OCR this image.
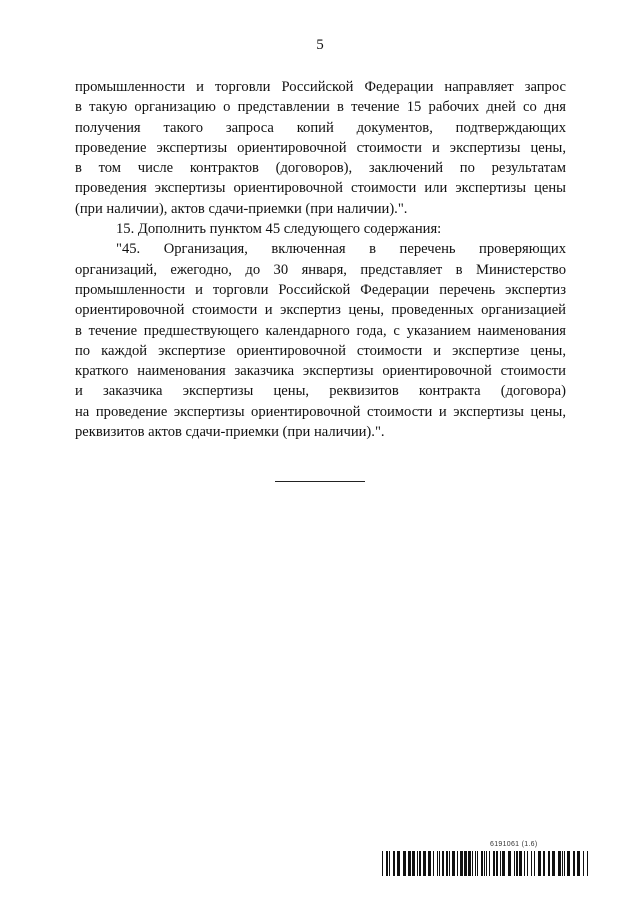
5

промышленности и торговли Российской Федерации направляет запрос
в такую организацию о представлении в течение 15 рабочих дней со дня
получения такого запроса копий документов, подтверждающих
проведение экспертизы ориентировочной стоимости и экспертизы цены,
в том числе контрактов (договоров), заключений по результатам
проведения экспертизы ориентировочной стоимости или экспертизы цены
(при наличии), актов сдачи-приемки (при наличии).".

15. Дополнить пунктом 45 следующего содержания:

"45. Организация, включенная в перечень проверяющих
организаций, ежегодно, до 30 января, представляет в Министерство
промышленности и торговли Российской Федерации перечень экспертиз
ориентировочной стоимости и экспертиз цены, проведенных организацией
в течение предшествующего календарного года, с указанием наименования
по каждой экспертизе ориентировочной стоимости и экспертизе цены,
краткого наименования заказчика экспертизы ориентировочной стоимости
и заказчика экспертизы цены, реквизитов контракта (договора)
на проведение экспертизы ориентировочной стоимости и экспертизы цены,
реквизитов актов сдачи-приемки (при наличии).".

6191061 (1.6)
